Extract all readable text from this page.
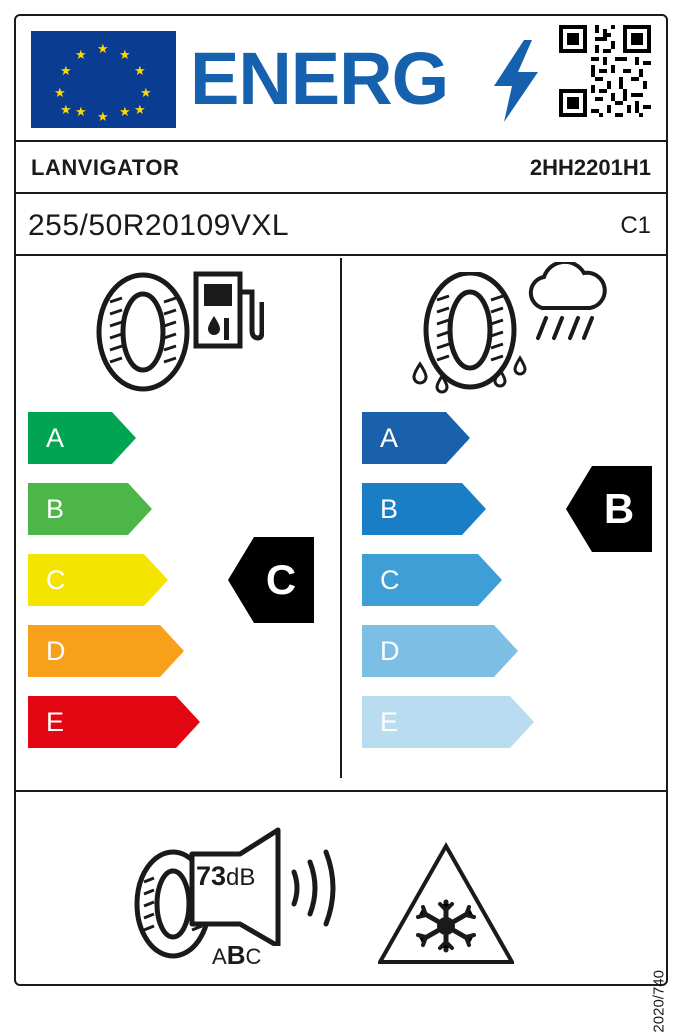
★ ★
★
★
★
★
★
★
★
★
★
★ ENERG
LANVIGATOR	2HH2201H1
255/50R20109VXL	C1
A
B
C
D
E
C
A
B
C
D
E
B
73dB
ABC
2020/740
